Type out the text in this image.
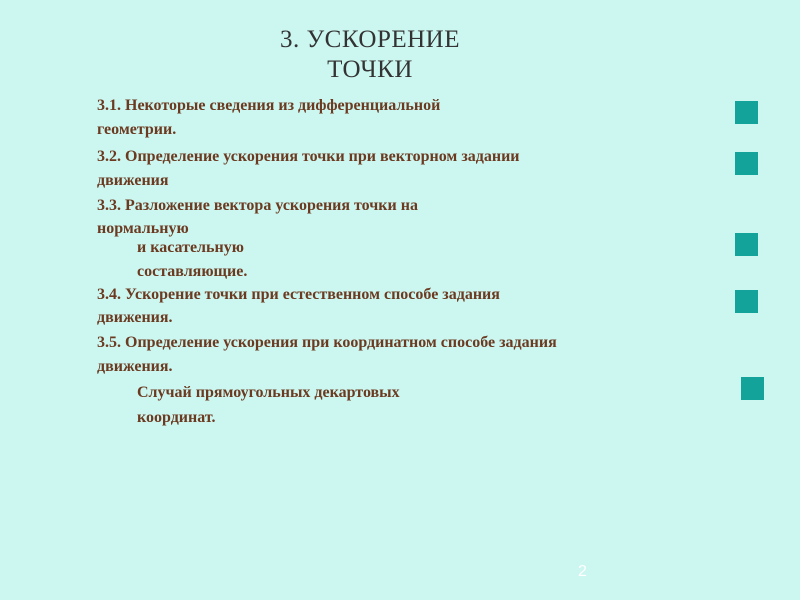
3. УСКОРЕНИЕ
ТОЧКИ
3.1. Некоторые сведения из дифференциальной
геометрии.
3.2. Определение ускорения точки при векторном задании
движения
3.3. Разложение вектора ускорения точки на
нормальную
и касательную
составляющие.
3.4. Ускорение точки при естественном способе задания
движения.
3.5. Определение ускорения при координатном способе задания
движения.
Случай прямоугольных декартовых
координат.
2
